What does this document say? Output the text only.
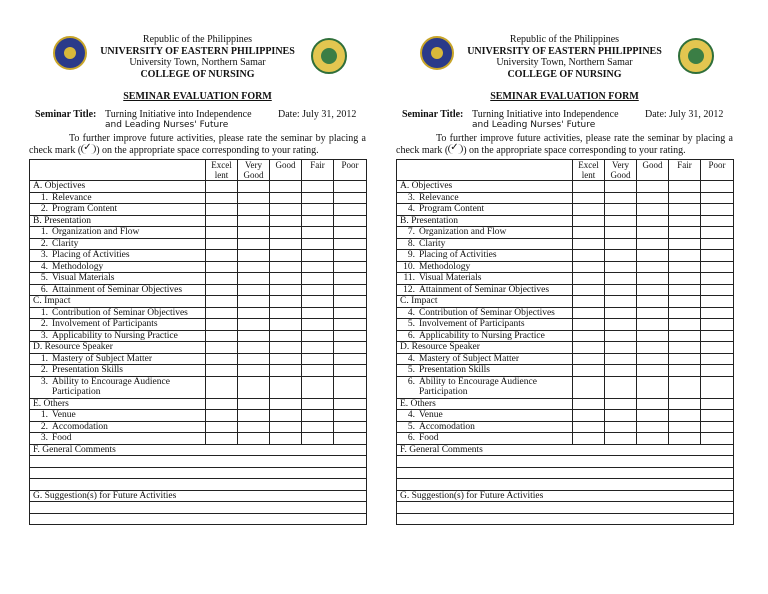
Republic of the Philippines
UNIVERSITY OF EASTERN PHILIPPINES
University Town, Northern Samar
COLLEGE OF NURSING
SEMINAR EVALUATION FORM
Seminar Title: Turning Initiative into Independence
and Leading Nurses' Future
Date: July 31, 2012
To further improve future activities, please rate the seminar by placing a check mark ( ✓ ) on the appropriate space corresponding to your rating.
	Excel lent	Very Good	Good	Fair	Poor
A. Objectives					
1. Relevance					
2. Program Content					
B. Presentation					
1. Organization and Flow					
2. Clarity					
3. Placing of Activities					
4. Methodology					
5. Visual Materials					
6. Attainment of Seminar Objectives					
C. Impact					
1. Contribution of Seminar Objectives					
2. Involvement of Participants					
3. Applicability to Nursing Practice					
D. Resource Speaker					
1. Mastery of Subject Matter					
2. Presentation Skills					
3. Ability to Encourage Audience Participation					
E. Others					
1. Venue					
2. Accomodation					
3. Food					
F. General Comments					

G. Suggestion(s) for Future Activities					

Republic of the Philippines
UNIVERSITY OF EASTERN PHILIPPINES
University Town, Northern Samar
COLLEGE OF NURSING
SEMINAR EVALUATION FORM
Seminar Title: Turning Initiative into Independence
and Leading Nurses' Future
Date: July 31, 2012
To further improve future activities, please rate the seminar by placing a check mark ( ✓ ) on the appropriate space corresponding to your rating.
	Excel lent	Very Good	Good	Fair	Poor
A. Objectives					
3. Relevance					
4. Program Content					
B. Presentation					
7. Organization and Flow					
8. Clarity					
9. Placing of Activities					
10. Methodology					
11. Visual Materials					
12. Attainment of Seminar Objectives					
C. Impact					
4. Contribution of Seminar Objectives					
5. Involvement of Participants					
6. Applicability to Nursing Practice					
D. Resource Speaker					
4. Mastery of Subject Matter					
5. Presentation Skills					
6. Ability to Encourage Audience Participation					
E. Others					
4. Venue					
5. Accomodation					
6. Food					
F. General Comments					

G. Suggestion(s) for Future Activities					
